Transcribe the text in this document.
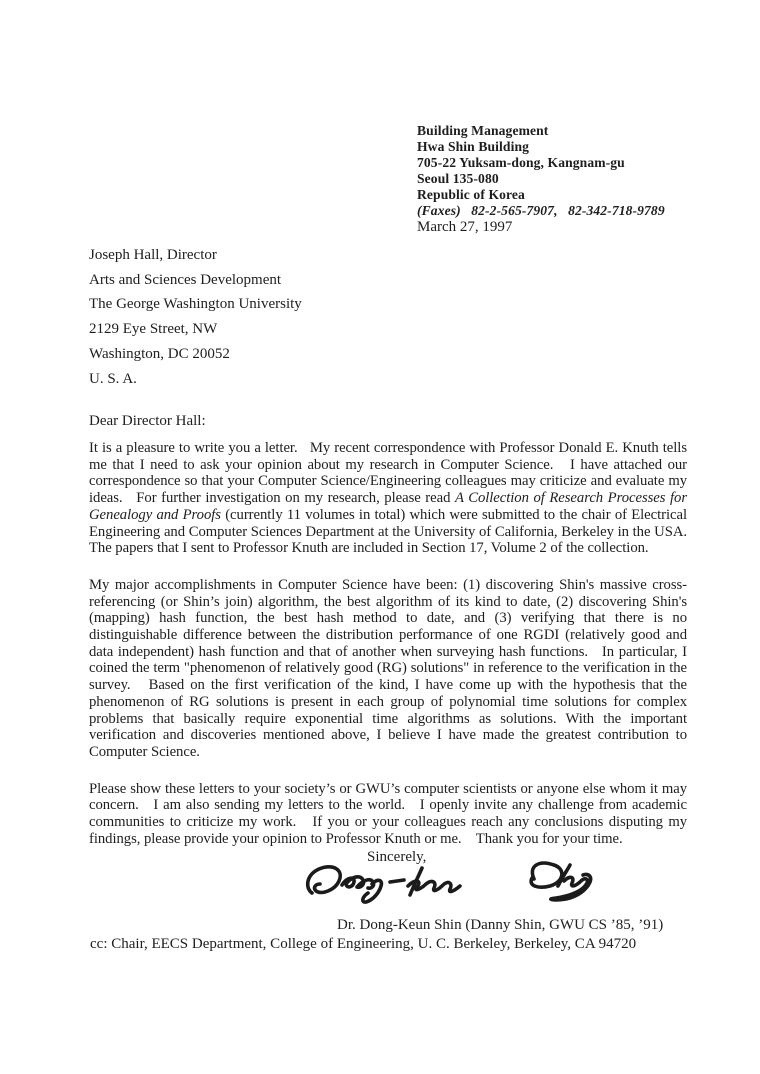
Building Management
Hwa Shin Building
705-22 Yuksam-dong, Kangnam-gu
Seoul 135-080
Republic of Korea
(Faxes)   82-2-565-7907,   82-342-718-9789
March 27, 1997
Joseph Hall, Director
Arts and Sciences Development
The George Washington University
2129 Eye Street, NW
Washington, DC 20052
U. S. A.
Dear Director Hall:

It is a pleasure to write you a letter.   My recent correspondence with Professor Donald E. Knuth tells me that I need to ask your opinion about my research in Computer Science.   I have attached our correspondence so that your Computer Science/Engineering colleagues may criticize and evaluate my ideas.   For further investigation on my research, please read A Collection of Research Processes for Genealogy and Proofs (currently 11 volumes in total) which were submitted to the chair of Electrical Engineering and Computer Sciences Department at the University of California, Berkeley in the USA. The papers that I sent to Professor Knuth are included in Section 17, Volume 2 of the collection.

My major accomplishments in Computer Science have been: (1) discovering Shin's massive cross-referencing (or Shin’s join) algorithm, the best algorithm of its kind to date, (2) discovering Shin's (mapping) hash function, the best hash method to date, and (3) verifying that there is no distinguishable difference between the distribution performance of one RGDI (relatively good and data independent) hash function and that of another when surveying hash functions.   In particular, I coined the term "phenomenon of relatively good (RG) solutions" in reference to the verification in the survey.   Based on the first verification of the kind, I have come up with the hypothesis that the phenomenon of RG solutions is present in each group of polynomial time solutions for complex problems that basically require exponential time algorithms as solutions. With the important verification and discoveries mentioned above, I believe I have made the greatest contribution to Computer Science.

Please show these letters to your society’s or GWU’s computer scientists or anyone else whom it may concern.   I am also sending my letters to the world.   I openly invite any challenge from academic communities to criticize my work.   If you or your colleagues reach any conclusions disputing my findings, please provide your opinion to Professor Knuth or me.    Thank you for your time.

Sincerely,
Dr. Dong-Keun Shin (Danny Shin, GWU CS ’85, ’91)
cc: Chair, EECS Department, College of Engineering, U. C. Berkeley, Berkeley, CA 94720
